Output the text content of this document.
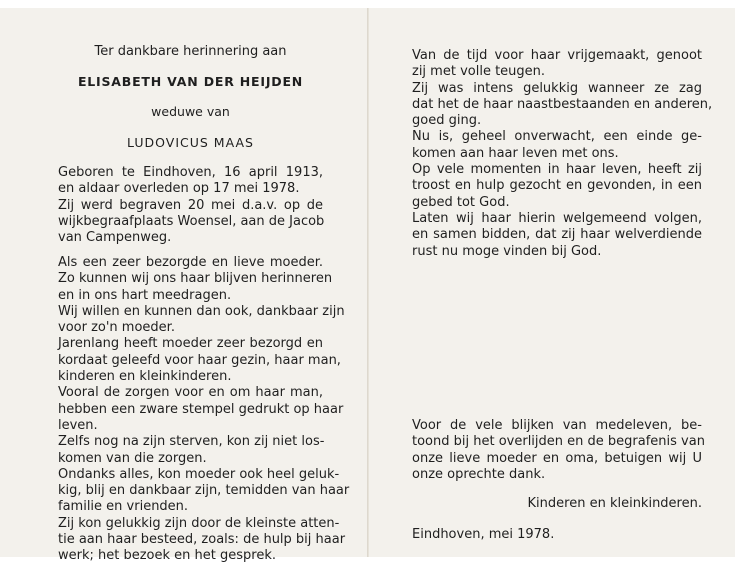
Ter dankbare herinnering aan
ELISABETH VAN DER HEIJDEN
weduwe van
LUDOVICUS MAAS
Geboren te Eindhoven, 16 april 1913,
en aldaar overleden op 17 mei 1978.
Zij werd begraven 20 mei d.a.v. op de
wijkbegraafplaats Woensel, aan de Jacob
van Campenweg.
Als een zeer bezorgde en lieve moeder.
Zo kunnen wij ons haar blijven herinneren
en in ons hart meedragen.
Wij willen en kunnen dan ook, dankbaar zijn
voor zo'n moeder.
Jarenlang heeft moeder zeer bezorgd en
kordaat geleefd voor haar gezin, haar man,
kinderen en kleinkinderen.
Vooral de zorgen voor en om haar man,
hebben een zware stempel gedrukt op haar
leven.
Zelfs nog na zijn sterven, kon zij niet los-
komen van die zorgen.
Ondanks alles, kon moeder ook heel geluk-
kig, blij en dankbaar zijn, temidden van haar
familie en vrienden.
Zij kon gelukkig zijn door de kleinste atten-
tie aan haar besteed, zoals: de hulp bij haar
werk; het bezoek en het gesprek.
Van de tijd voor haar vrijgemaakt, genoot
zij met volle teugen.
Zij was intens gelukkig wanneer ze zag
dat het de haar naastbestaanden en anderen,
goed ging.
Nu is, geheel onverwacht, een einde ge-
komen aan haar leven met ons.
Op vele momenten in haar leven, heeft zij
troost en hulp gezocht en gevonden, in een
gebed tot God.
Laten wij haar hierin welgemeend volgen,
en samen bidden, dat zij haar welverdiende
rust nu moge vinden bij God.
Voor de vele blijken van medeleven, be-
toond bij het overlijden en de begrafenis van
onze lieve moeder en oma, betuigen wij U
onze oprechte dank.
Kinderen en kleinkinderen.
Eindhoven, mei 1978.
